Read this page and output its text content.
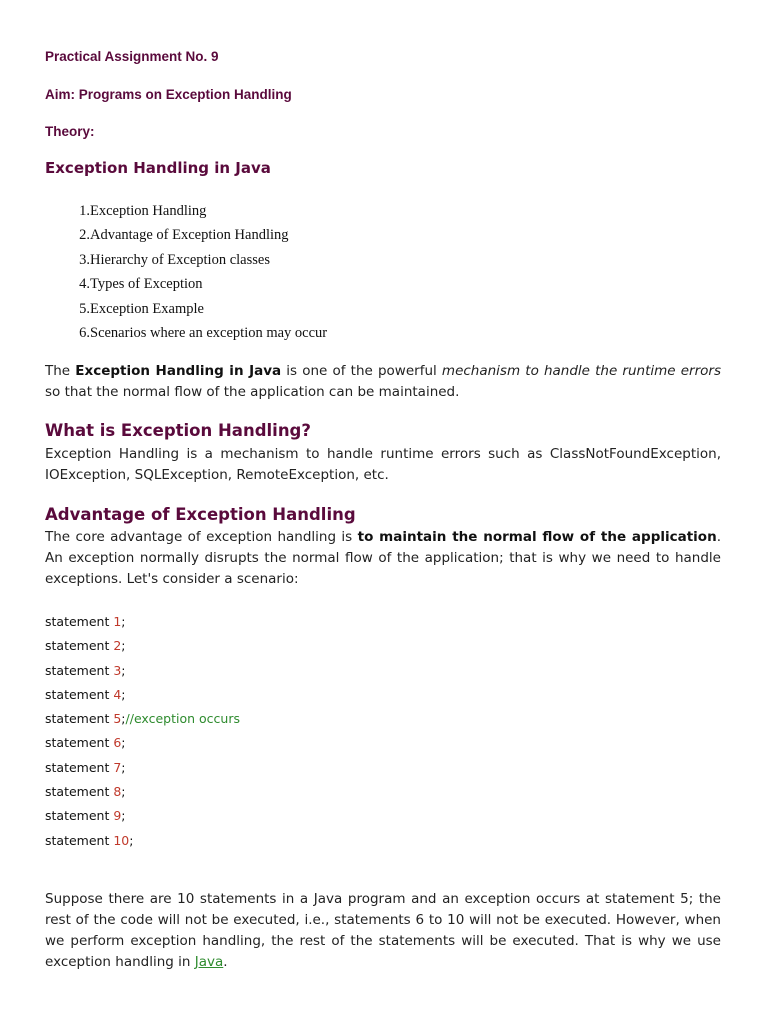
Practical Assignment No. 9

Aim: Programs on Exception Handling

Theory:

Exception Handling in Java
1.Exception Handling
2.Advantage of Exception Handling
3.Hierarchy of Exception classes
4.Types of Exception
5.Exception Example
6.Scenarios where an exception may occur

The Exception Handling in Java is one of the powerful mechanism to handle the runtime errors so that the normal flow of the application can be maintained.

What is Exception Handling?

Exception Handling is a mechanism to handle runtime errors such as ClassNotFoundException, IOException, SQLException, RemoteException, etc.

Advantage of Exception Handling

The core advantage of exception handling is to maintain the normal flow of the application. An exception normally disrupts the normal flow of the application; that is why we need to handle exceptions. Let's consider a scenario:

statement 1;
statement 2;
statement 3;
statement 4;
statement 5;//exception occurs
statement 6;
statement 7;
statement 8;
statement 9;
statement 10;

Suppose there are 10 statements in a Java program and an exception occurs at statement 5; the rest of the code will not be executed, i.e., statements 6 to 10 will not be executed. However, when we perform exception handling, the rest of the statements will be executed. That is why we use exception handling in Java.
